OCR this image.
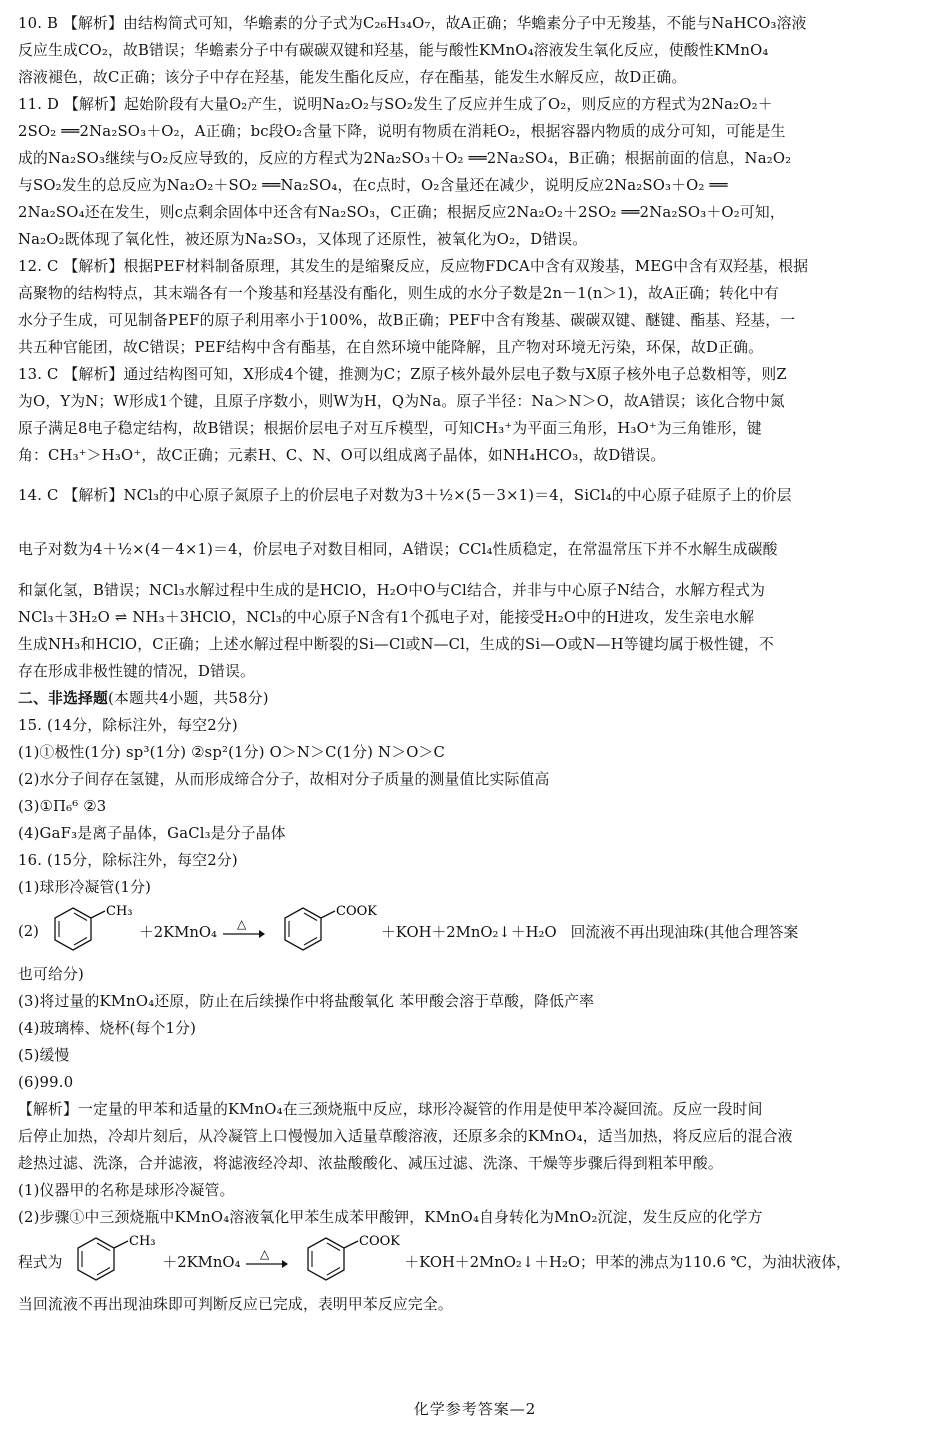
10. B 【解析】由结构简式可知，华蟾素的分子式为C₂₆H₃₄O₇，故A正确；华蟾素分子中无羧基，不能与NaHCO₃溶液
反应生成CO₂，故B错误；华蟾素分子中有碳碳双键和羟基，能与酸性KMnO₄溶液发生氧化反应，使酸性KMnO₄
溶液褪色，故C正确；该分子中存在羟基，能发生酯化反应，存在酯基，能发生水解反应，故D正确。
11. D 【解析】起始阶段有大量O₂产生，说明Na₂O₂与SO₂发生了反应并生成了O₂，则反应的方程式为2Na₂O₂＋
2SO₂ ══2Na₂SO₃＋O₂，A正确；bc段O₂含量下降，说明有物质在消耗O₂，根据容器内物质的成分可知，可能是生
成的Na₂SO₃继续与O₂反应导致的，反应的方程式为2Na₂SO₃＋O₂ ══2Na₂SO₄，B正确；根据前面的信息，Na₂O₂
与SO₂发生的总反应为Na₂O₂＋SO₂ ══Na₂SO₄，在c点时，O₂含量还在减少，说明反应2Na₂SO₃＋O₂ ══
2Na₂SO₄还在发生，则c点剩余固体中还含有Na₂SO₃，C正确；根据反应2Na₂O₂＋2SO₂ ══2Na₂SO₃＋O₂可知，
Na₂O₂既体现了氧化性，被还原为Na₂SO₃，又体现了还原性，被氧化为O₂，D错误。
12. C 【解析】根据PEF材料制备原理，其发生的是缩聚反应，反应物FDCA中含有双羧基，MEG中含有双羟基，根据
高聚物的结构特点，其末端各有一个羧基和羟基没有酯化，则生成的水分子数是2n－1(n＞1)，故A正确；转化中有
水分子生成，可见制备PEF的原子利用率小于100%，故B正确；PEF中含有羧基、碳碳双键、醚键、酯基、羟基，一
共五种官能团，故C错误；PEF结构中含有酯基，在自然环境中能降解，且产物对环境无污染，环保，故D正确。
13. C 【解析】通过结构图可知，X形成4个键，推测为C；Z原子核外最外层电子数与X原子核外电子总数相等，则Z
为O，Y为N；W形成1个键，且原子序数小，则W为H，Q为Na。原子半径：Na＞N＞O，故A错误；该化合物中氮
原子满足8电子稳定结构，故B错误；根据价层电子对互斥模型，可知CH₃⁺为平面三角形，H₃O⁺为三角锥形，键
角：CH₃⁺＞H₃O⁺，故C正确；元素H、C、N、O可以组成离子晶体，如NH₄HCO₃，故D错误。
14. C 【解析】NCl₃的中心原子氮原子上的价层电子对数为3＋½×(5－3×1)＝4，SiCl₄的中心原子硅原子上的价层
电子对数为4＋½×(4－4×1)＝4，价层电子对数目相同，A错误；CCl₄性质稳定，在常温常压下并不水解生成碳酸
和氯化氢，B错误；NCl₃水解过程中生成的是HClO，H₂O中O与Cl结合，并非与中心原子N结合，水解方程式为
NCl₃＋3H₂O ⇌ NH₃＋3HClO，NCl₃的中心原子N含有1个孤电子对，能接受H₂O中的H进攻，发生亲电水解
生成NH₃和HClO，C正确；上述水解过程中断裂的Si—Cl或N—Cl，生成的Si—O或N—H等键均属于极性键，不
存在形成非极性键的情况，D错误。
二、非选择题(本题共4小题，共58分)
15. (14分，除标注外，每空2分)
(1)①极性(1分) sp³(1分) ②sp²(1分) O＞N＞C(1分) N＞O＞C
(2)水分子间存在氢键，从而形成缔合分子，故相对分子质量的测量值比实际值高
(3)①Π₆⁶ ②3
(4)GaF₃是离子晶体，GaCl₃是分子晶体
16. (15分，除标注外，每空2分)
(1)球形冷凝管(1分)
(2)
CH₃
＋2KMnO₄ △
COOK
＋KOH＋2MnO₂↓＋H₂O 回流液不再出现油珠(其他合理答案
也可给分)
(3)将过量的KMnO₄还原，防止在后续操作中将盐酸氧化 苯甲酸会溶于草酸，降低产率
(4)玻璃棒、烧杯(每个1分)
(5)缓慢
(6)99.0
【解析】一定量的甲苯和适量的KMnO₄在三颈烧瓶中反应，球形冷凝管的作用是使甲苯冷凝回流。反应一段时间
后停止加热，冷却片刻后，从冷凝管上口慢慢加入适量草酸溶液，还原多余的KMnO₄，适当加热，将反应后的混合液
趁热过滤、洗涤，合并滤液，将滤液经冷却、浓盐酸酸化、减压过滤、洗涤、干燥等步骤后得到粗苯甲酸。
(1)仪器甲的名称是球形冷凝管。
(2)步骤①中三颈烧瓶中KMnO₄溶液氧化甲苯生成苯甲酸钾，KMnO₄自身转化为MnO₂沉淀，发生反应的化学方
程式为
CH₃
＋2KMnO₄ △
COOK
＋KOH＋2MnO₂↓＋H₂O；甲苯的沸点为110.6 ℃，为油状液体，
当回流液不再出现油珠即可判断反应已完成，表明甲苯反应完全。
化学参考答案—2
